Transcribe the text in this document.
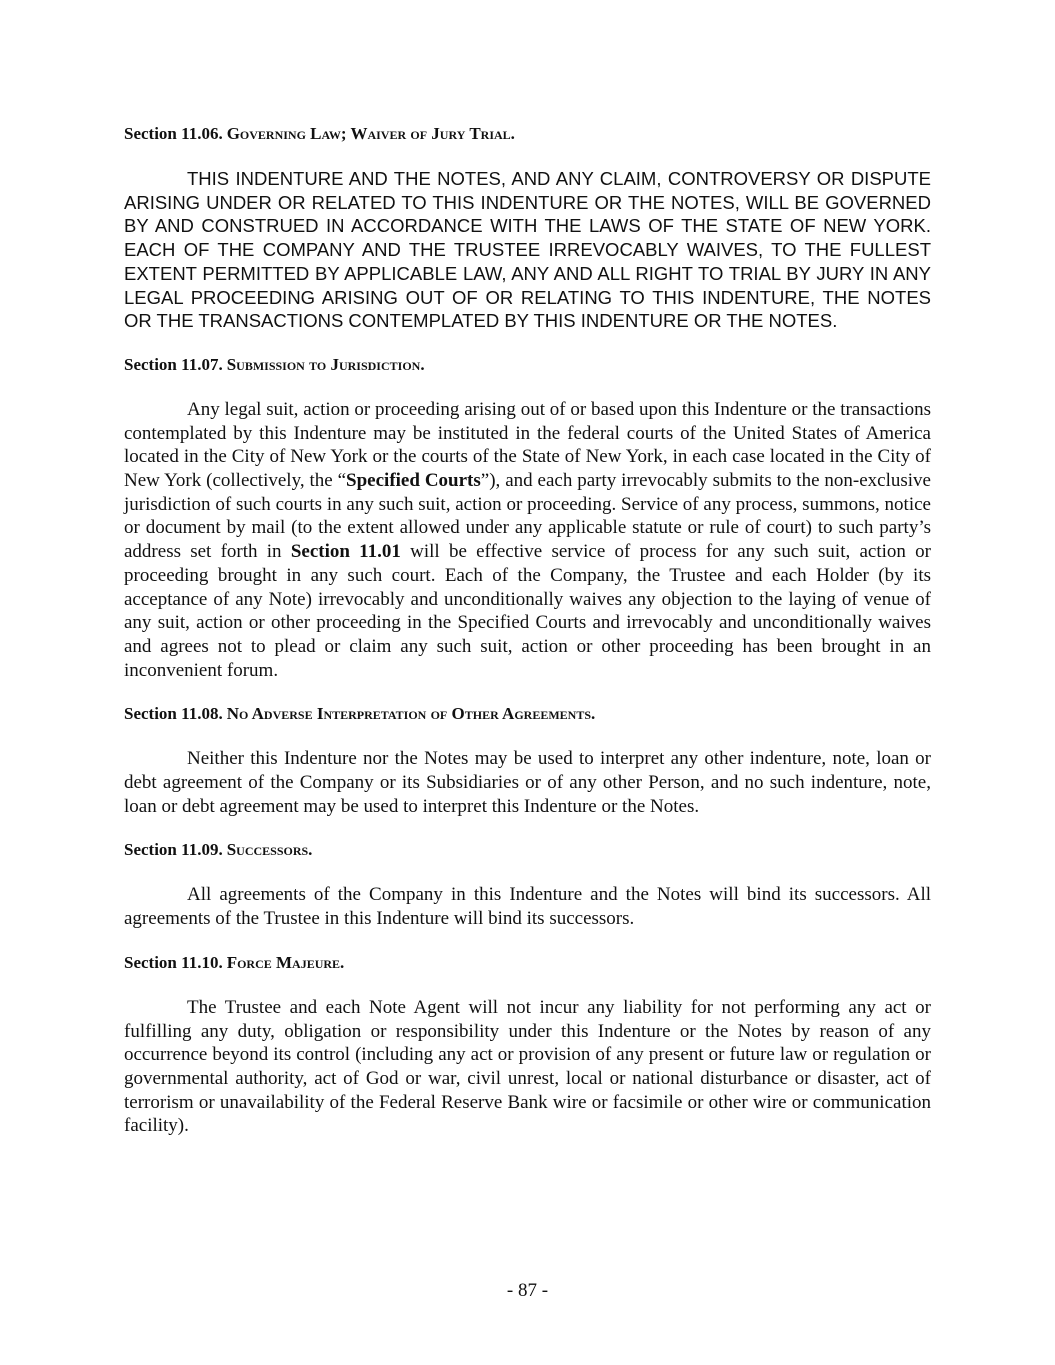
Section 11.06. Governing Law; Waiver of Jury Trial.

THIS INDENTURE AND THE NOTES, AND ANY CLAIM, CONTROVERSY OR DISPUTE ARISING UNDER OR RELATED TO THIS INDENTURE OR THE NOTES, WILL BE GOVERNED BY AND CONSTRUED IN ACCORDANCE WITH THE LAWS OF THE STATE OF NEW YORK. EACH OF THE COMPANY AND THE TRUSTEE IRREVOCABLY WAIVES, TO THE FULLEST EXTENT PERMITTED BY APPLICABLE LAW, ANY AND ALL RIGHT TO TRIAL BY JURY IN ANY LEGAL PROCEEDING ARISING OUT OF OR RELATING TO THIS INDENTURE, THE NOTES OR THE TRANSACTIONS CONTEMPLATED BY THIS INDENTURE OR THE NOTES.

Section 11.07. Submission to Jurisdiction.

Any legal suit, action or proceeding arising out of or based upon this Indenture or the transactions contemplated by this Indenture may be instituted in the federal courts of the United States of America located in the City of New York or the courts of the State of New York, in each case located in the City of New York (collectively, the “Specified Courts”), and each party irrevocably submits to the non-exclusive jurisdiction of such courts in any such suit, action or proceeding. Service of any process, summons, notice or document by mail (to the extent allowed under any applicable statute or rule of court) to such party’s address set forth in Section 11.01 will be effective service of process for any such suit, action or proceeding brought in any such court. Each of the Company, the Trustee and each Holder (by its acceptance of any Note) irrevocably and unconditionally waives any objection to the laying of venue of any suit, action or other proceeding in the Specified Courts and irrevocably and unconditionally waives and agrees not to plead or claim any such suit, action or other proceeding has been brought in an inconvenient forum.

Section 11.08. No Adverse Interpretation of Other Agreements.

Neither this Indenture nor the Notes may be used to interpret any other indenture, note, loan or debt agreement of the Company or its Subsidiaries or of any other Person, and no such indenture, note, loan or debt agreement may be used to interpret this Indenture or the Notes.

Section 11.09. Successors.

All agreements of the Company in this Indenture and the Notes will bind its successors. All agreements of the Trustee in this Indenture will bind its successors.

Section 11.10. Force Majeure.

The Trustee and each Note Agent will not incur any liability for not performing any act or fulfilling any duty, obligation or responsibility under this Indenture or the Notes by reason of any occurrence beyond its control (including any act or provision of any present or future law or regulation or governmental authority, act of God or war, civil unrest, local or national disturbance or disaster, act of terrorism or unavailability of the Federal Reserve Bank wire or facsimile or other wire or communication facility).

- 87 -
